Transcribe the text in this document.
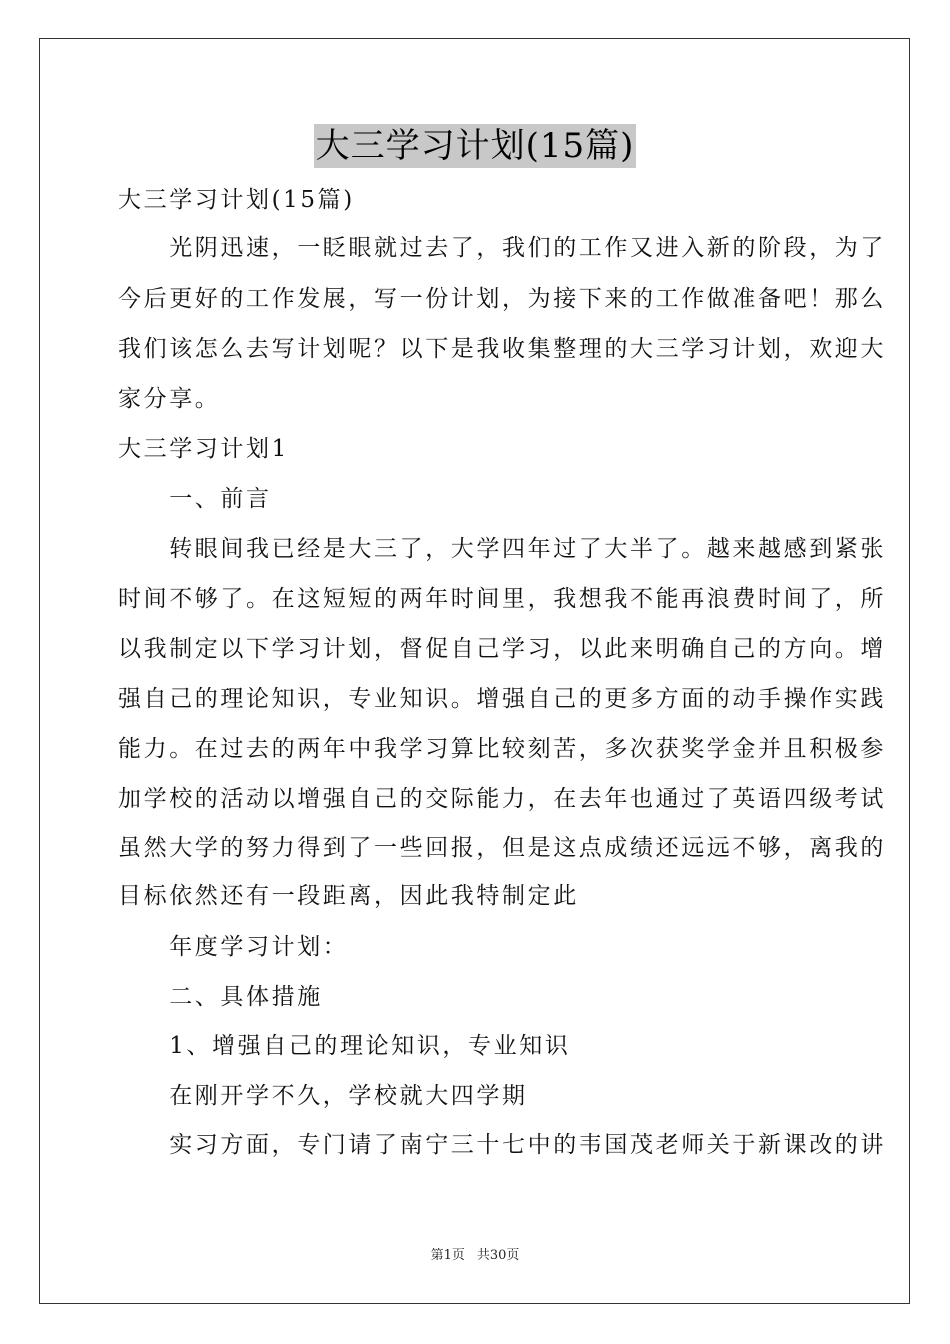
大三学习计划(15篇)
大三学习计划(15篇)
　　光阴迅速，一眨眼就过去了，我们的工作又进入新的阶段，为了
今后更好的工作发展，写一份计划，为接下来的工作做准备吧！那么
我们该怎么去写计划呢？以下是我收集整理的大三学习计划，欢迎大
家分享。
大三学习计划1
　　一、前言
　　转眼间我已经是大三了，大学四年过了大半了。越来越感到紧张
时间不够了。在这短短的两年时间里，我想我不能再浪费时间了，所
以我制定以下学习计划，督促自己学习，以此来明确自己的方向。增
强自己的理论知识，专业知识。增强自己的更多方面的动手操作实践
能力。在过去的两年中我学习算比较刻苦，多次获奖学金并且积极参
加学校的活动以增强自己的交际能力，在去年也通过了英语四级考试
虽然大学的努力得到了一些回报，但是这点成绩还远远不够，离我的
目标依然还有一段距离，因此我特制定此
　　年度学习计划：
　　二、具体措施
　　1、增强自己的理论知识，专业知识
　　在刚开学不久，学校就大四学期
　　实习方面，专门请了南宁三十七中的韦国茂老师关于新课改的讲
第1页 共30页
